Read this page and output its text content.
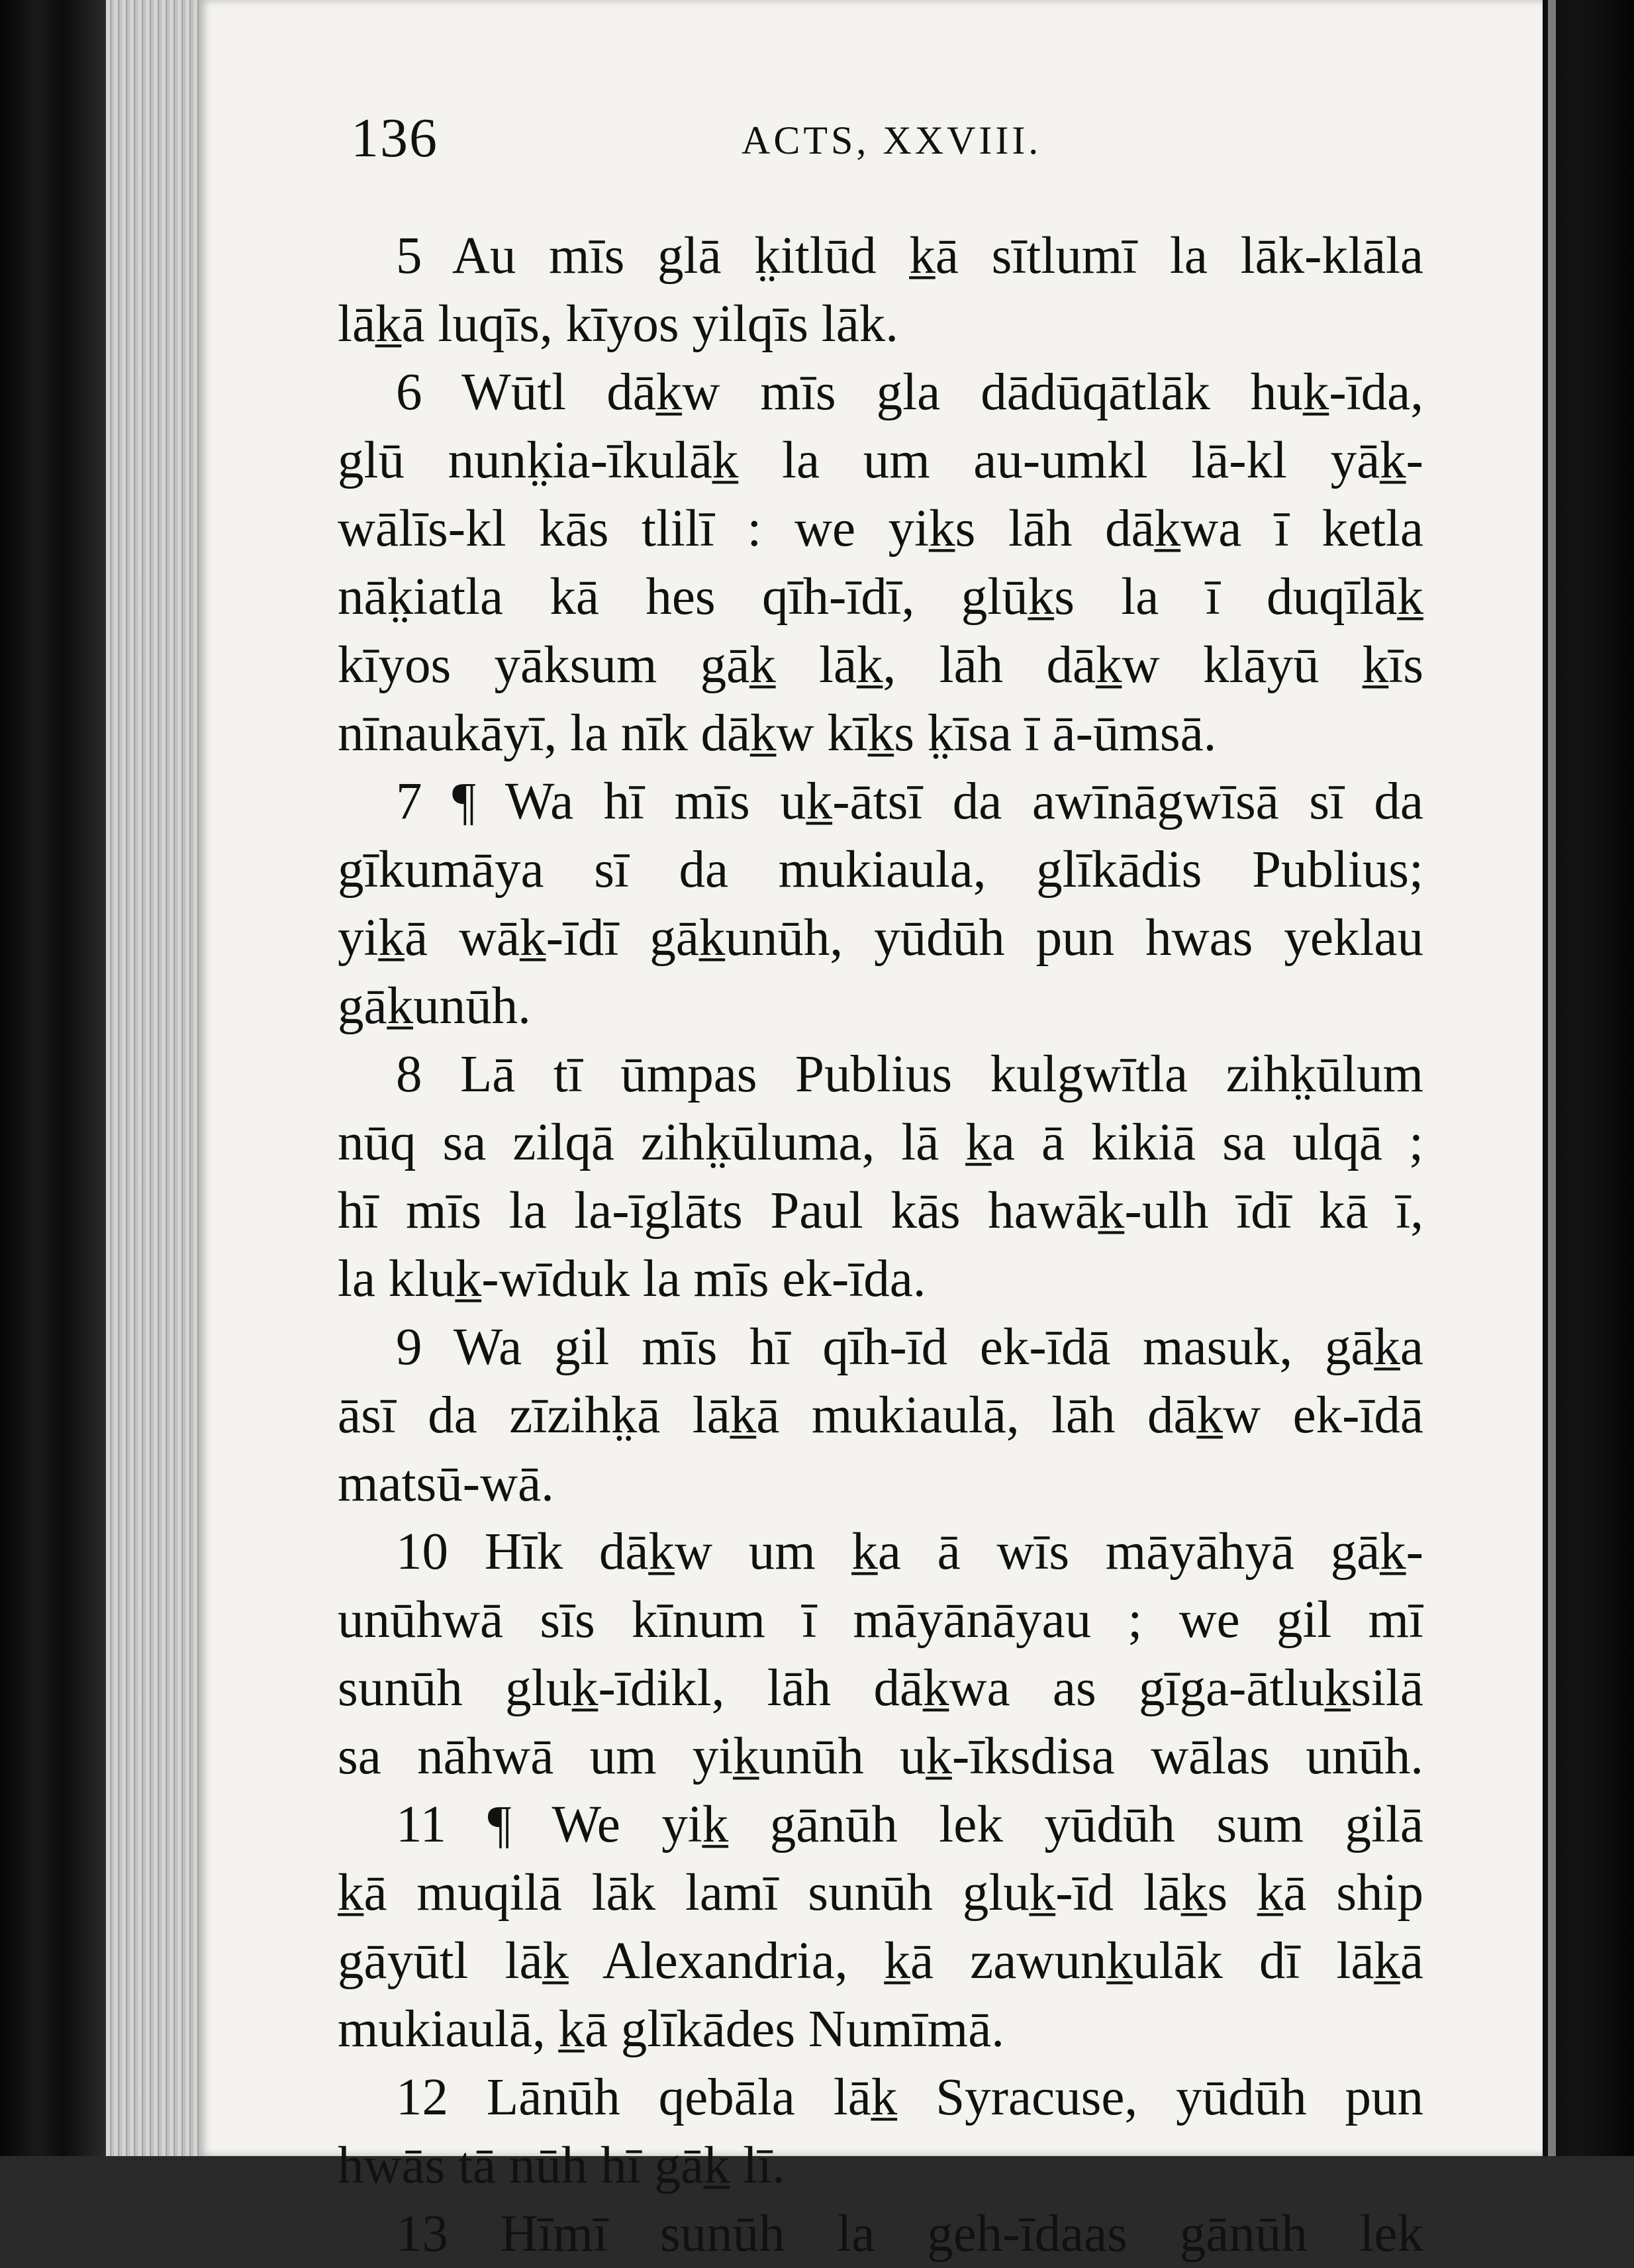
136	ACTS, XXVIII.
5 Au mīs glā k̤itlūd k̲ā sītlumī la lāk-klāla
lāk̲ā luqīs, kīyos yilqīs lāk.
6 Wūtl dāk̲w mīs gla dādūqātlāk huk̲-īda,
glū nunk̤ia-īkulāk̲ la um au-umkl lā-kl yāk̲-
wālīs-kl kās tlilī : we yik̲s lāh dāk̲wa ī ketla
nāk̤iatla kā hes qīh-īdī, glūk̲s la ī duqīlāk̲
kīyos yāksum gāk̲ lāk̲, lāh dāk̲w klāyū k̲īs
nīnaukāyī, la nīk dāk̲w kīk̲s k̤īsa ī ā-ūmsā.
7 ¶ Wa hī mīs uk̲-ātsī da awīnāgwīsā sī da
gīkumāya sī da mukiaula, glīkādis Publius;
yik̲ā wāk̲-īdī gāk̲unūh, yūdūh pun hwas yeklau
gāk̲unūh.
8 Lā tī ūmpas Publius kulgwītla zihk̤ūlum
nūq sa zilqā zihk̤ūluma, lā k̲a ā kikiā sa ulqā ;
hī mīs la la-īglāts Paul kās hawāk̲-ulh īdī kā ī,
la kluk̲-wīduk la mīs ek-īda.
9 Wa gil mīs hī qīh-īd ek-īdā masuk, gāk̲a
āsī da zīzihk̤ā lāk̲ā mukiaulā, lāh dāk̲w ek-īdā
matsū-wā.
10 Hīk dāk̲w um k̲a ā wīs māyāhyā gāk̲-
unūhwā sīs kīnum ī māyānāyau ; we gil mī
sunūh gluk̲-īdikl, lāh dāk̲wa as gīga-ātluk̲silā
sa nāhwā um yik̲unūh uk̲-īksdisa wālas unūh.
11 ¶ We yik̲ gānūh lek yūdūh sum gilā
k̲ā muqilā lāk lamī sunūh gluk̲-īd lāk̲s k̲ā ship
gāyūtl lāk̲ Alexandria, k̲ā zawunk̲ulāk dī lāk̲ā
mukiaulā, k̲ā glīkādes Numīmā.
12 Lānūh qebāla lāk̲ Syracuse, yūdūh pun
hwās tā nūh hī gāk̲ lī.
13 Hīmī sunūh la geh-īdaas gānūh lek
